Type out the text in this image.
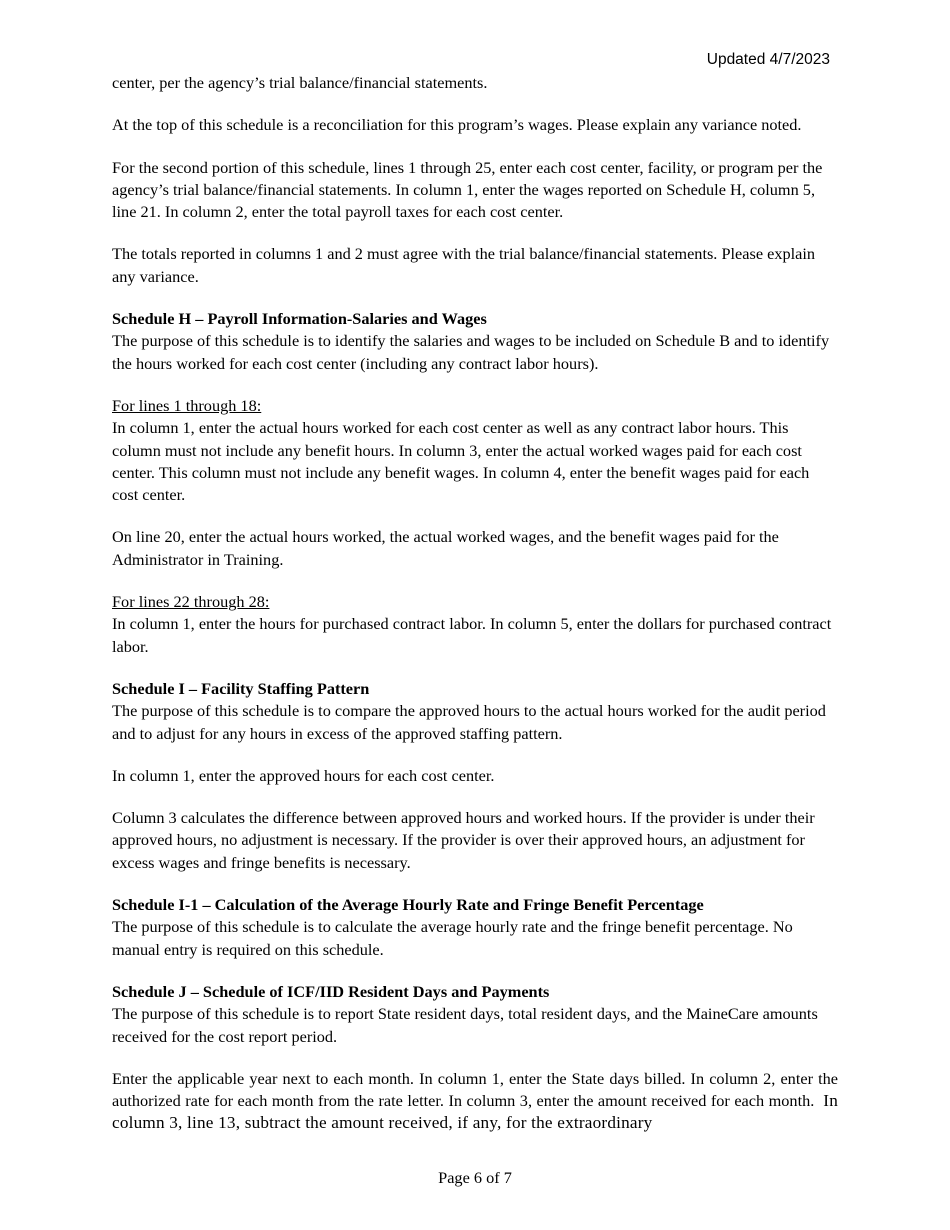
Updated 4/7/2023

center, per the agency’s trial balance/financial statements.

At the top of this schedule is a reconciliation for this program’s wages. Please explain any variance noted.

For the second portion of this schedule, lines 1 through 25, enter each cost center, facility, or program per the agency’s trial balance/financial statements. In column 1, enter the wages reported on Schedule H, column 5, line 21. In column 2, enter the total payroll taxes for each cost center.

The totals reported in columns 1 and 2 must agree with the trial balance/financial statements. Please explain any variance.

Schedule H – Payroll Information-Salaries and Wages

The purpose of this schedule is to identify the salaries and wages to be included on Schedule B and to identify the hours worked for each cost center (including any contract labor hours).

For lines 1 through 18:

In column 1, enter the actual hours worked for each cost center as well as any contract labor hours. This column must not include any benefit hours. In column 3, enter the actual worked wages paid for each cost center. This column must not include any benefit wages. In column 4, enter the benefit wages paid for each cost center.

On line 20, enter the actual hours worked, the actual worked wages, and the benefit wages paid for the Administrator in Training.

For lines 22 through 28:

In column 1, enter the hours for purchased contract labor. In column 5, enter the dollars for purchased contract labor.

Schedule I – Facility Staffing Pattern

The purpose of this schedule is to compare the approved hours to the actual hours worked for the audit period and to adjust for any hours in excess of the approved staffing pattern.

In column 1, enter the approved hours for each cost center.

Column 3 calculates the difference between approved hours and worked hours. If the provider is under their approved hours, no adjustment is necessary. If the provider is over their approved hours, an adjustment for excess wages and fringe benefits is necessary.

Schedule I-1 – Calculation of the Average Hourly Rate and Fringe Benefit Percentage

The purpose of this schedule is to calculate the average hourly rate and the fringe benefit percentage. No manual entry is required on this schedule.

Schedule J – Schedule of ICF/IID Resident Days and Payments

The purpose of this schedule is to report State resident days, total resident days, and the MaineCare amounts received for the cost report period.

Enter the applicable year next to each month. In column 1, enter the State days billed. In column 2, enter the authorized rate for each month from the rate letter. In column 3, enter the amount received for each month. In column 3, line 13, subtract the amount received, if any, for the extraordinary

Page 6 of 7
